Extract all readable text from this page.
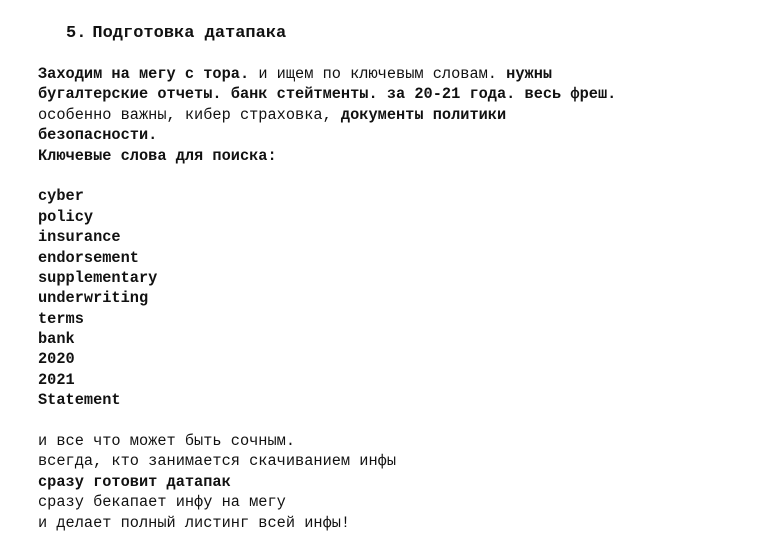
5. Подготовка датапака
Заходим на мегу с тора. и ищем по ключевым словам. нужны
бугалтерские отчеты. банк стейтменты. за 20-21 года. весь фреш.
особенно важны, кибер страховка, документы политики
безопасности.
Ключевые слова для поиска:
cyber
policy
insurance
endorsement
supplementary
underwriting
terms
bank
2020
2021
Statement
и все что может быть сочным.
всегда, кто занимается скачиванием инфы
сразу готовит датапак
сразу бекапает инфу на мегу
и делает полный листинг всей инфы!
